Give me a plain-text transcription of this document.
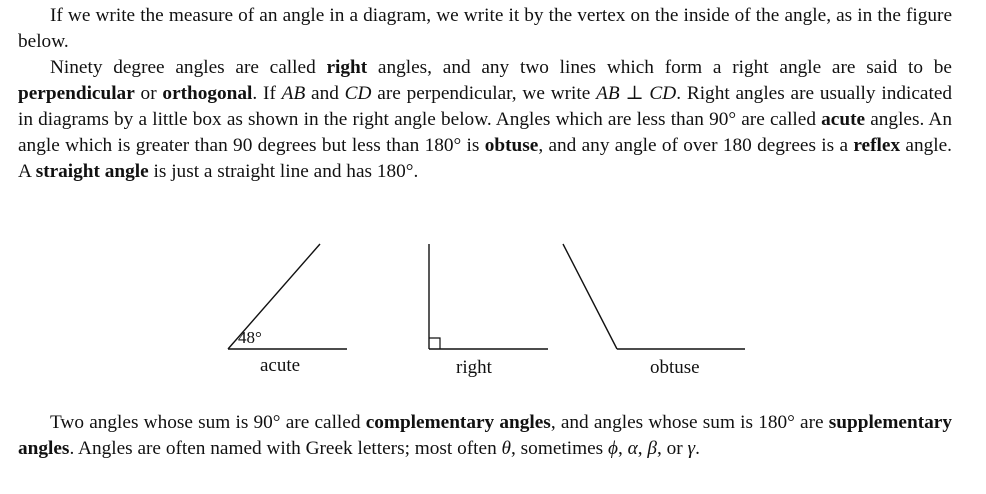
If we write the measure of an angle in a diagram, we write it by the vertex on the inside of the angle, as in the figure below.

Ninety degree angles are called right angles, and any two lines which form a right angle are said to be perpendicular or orthogonal. If AB and CD are perpendicular, we write AB ⊥ CD. Right angles are usually indicated in diagrams by a little box as shown in the right angle below. Angles which are less than 90° are called acute angles. An angle which is greater than 90 degrees but less than 180° is obtuse, and any angle of over 180 degrees is a reflex angle. A straight angle is just a straight line and has 180°.

48°
acute	right	obtuse

Two angles whose sum is 90° are called complementary angles, and angles whose sum is 180° are supplementary angles. Angles are often named with Greek letters; most often θ, sometimes ϕ, α, β, or γ.
